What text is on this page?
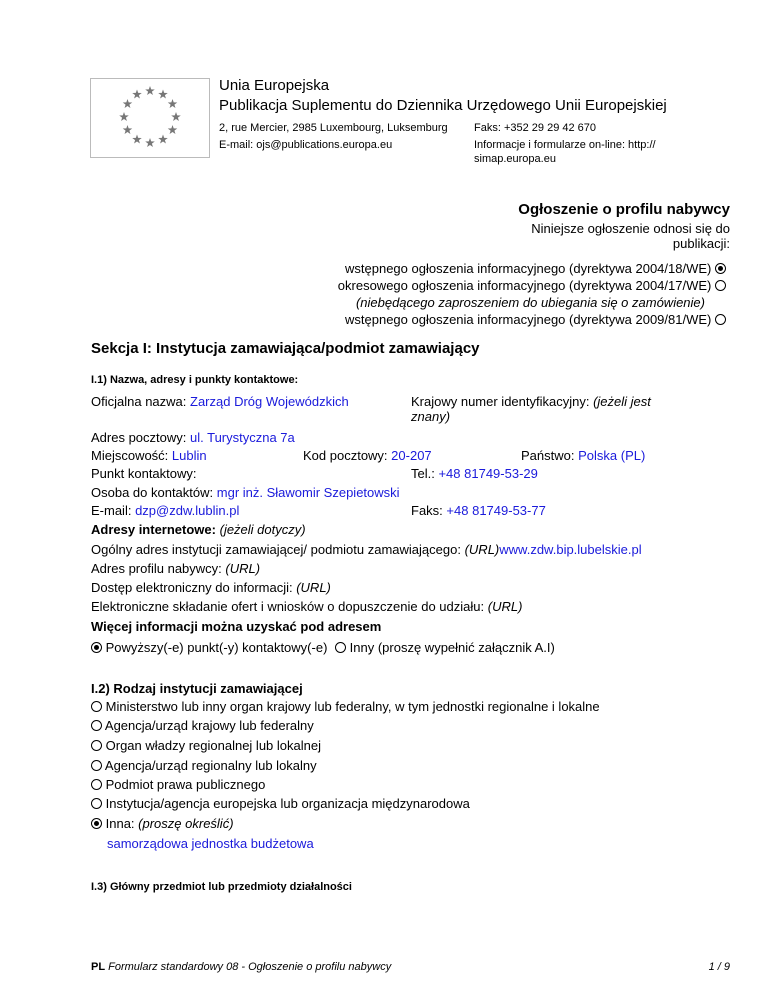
Unia Europejska
Publikacja Suplementu do Dziennika Urzędowego Unii Europejskiej
2, rue Mercier, 2985 Luxembourg, Luksemburg Faks: +352 29 29 42 670
E-mail: ojs@publications.europa.eu	Informacje i formularze on-line: http://
simap.europa.eu
Ogłoszenie o profilu nabywcy
Niniejsze ogłoszenie odnosi się do
publikacji:
wstępnego ogłoszenia informacyjnego (dyrektywa 2004/18/WE)
okresowego ogłoszenia informacyjnego (dyrektywa 2004/17/WE)
(niebędącego zaproszeniem do ubiegania się o zamówienie)
wstępnego ogłoszenia informacyjnego (dyrektywa 2009/81/WE)
Sekcja I: Instytucja zamawiająca/podmiot zamawiający
I.1) Nazwa, adresy i punkty kontaktowe:
Oficjalna nazwa: Zarząd Dróg Wojewódzkich	Krajowy numer identyfikacyjny: (jeżeli jest
znany)
Adres pocztowy: ul. Turystyczna 7a
Miejscowość: Lublin	Kod pocztowy: 20-207	Państwo: Polska (PL)
Punkt kontaktowy:	Tel.: +48 81749-53-29
Osoba do kontaktów: mgr inż. Sławomir Szepietowski
E-mail: dzp@zdw.lublin.pl	Faks: +48 81749-53-77
Adresy internetowe: (jeżeli dotyczy)
Ogólny adres instytucji zamawiającej/ podmiotu zamawiającego: (URL)www.zdw.bip.lubelskie.pl
Adres profilu nabywcy: (URL)
Dostęp elektroniczny do informacji: (URL)
Elektroniczne składanie ofert i wniosków o dopuszczenie do udziału: (URL)
Więcej informacji można uzyskać pod adresem
Powyższy(-e) punkt(-y) kontaktowy(-e) Inny (proszę wypełnić załącznik A.I)
I.2) Rodzaj instytucji zamawiającej
Ministerstwo lub inny organ krajowy lub federalny, w tym jednostki regionalne i lokalne
Agencja/urząd krajowy lub federalny
Organ władzy regionalnej lub lokalnej
Agencja/urząd regionalny lub lokalny
Podmiot prawa publicznego
Instytucja/agencja europejska lub organizacja międzynarodowa
Inna: (proszę określić)
samorządowa jednostka budżetowa
I.3) Główny przedmiot lub przedmioty działalności
PL Formularz standardowy 08 - Ogłoszenie o profilu nabywcy	1 / 9
